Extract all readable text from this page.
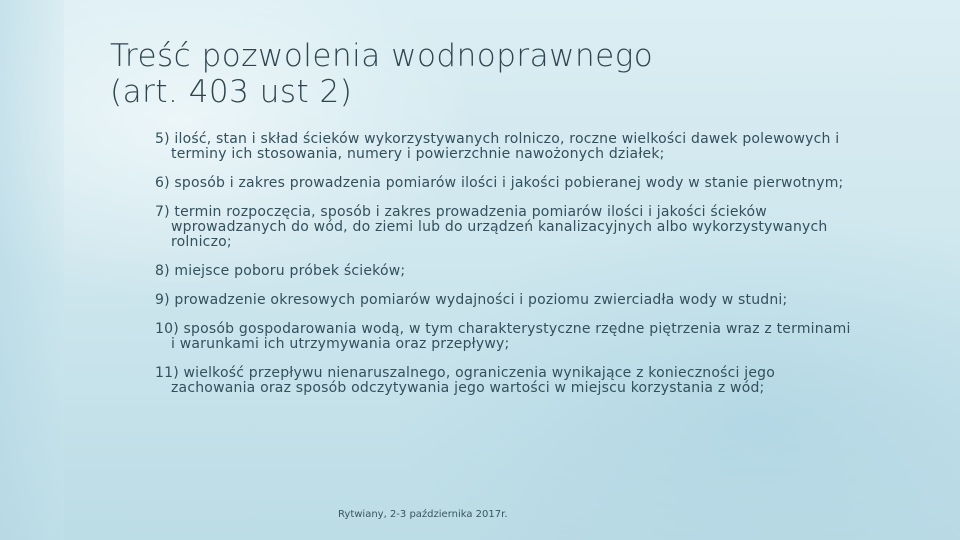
Treść pozwolenia wodnoprawnego
(art. 403 ust 2)
5) ilość, stan i skład ścieków wykorzystywanych rolniczo, roczne wielkości dawek polewowych i terminy ich stosowania, numery i powierzchnie nawożonych działek;
6) sposób i zakres prowadzenia pomiarów ilości i jakości pobieranej wody w stanie pierwotnym;
7) termin rozpoczęcia, sposób i zakres prowadzenia pomiarów ilości i jakości ścieków wprowadzanych do wód, do ziemi lub do urządzeń kanalizacyjnych albo wykorzystywanych rolniczo;
8) miejsce poboru próbek ścieków;
9) prowadzenie okresowych pomiarów wydajności i poziomu zwierciadła wody w studni;
10) sposób gospodarowania wodą, w tym charakterystyczne rzędne piętrzenia wraz z terminami i warunkami ich utrzymywania oraz przepływy;
11) wielkość przepływu nienaruszalnego, ograniczenia wynikające z konieczności jego zachowania oraz sposób odczytywania jego wartości w miejscu korzystania z wód;
Rytwiany, 2-3 października 2017r.
